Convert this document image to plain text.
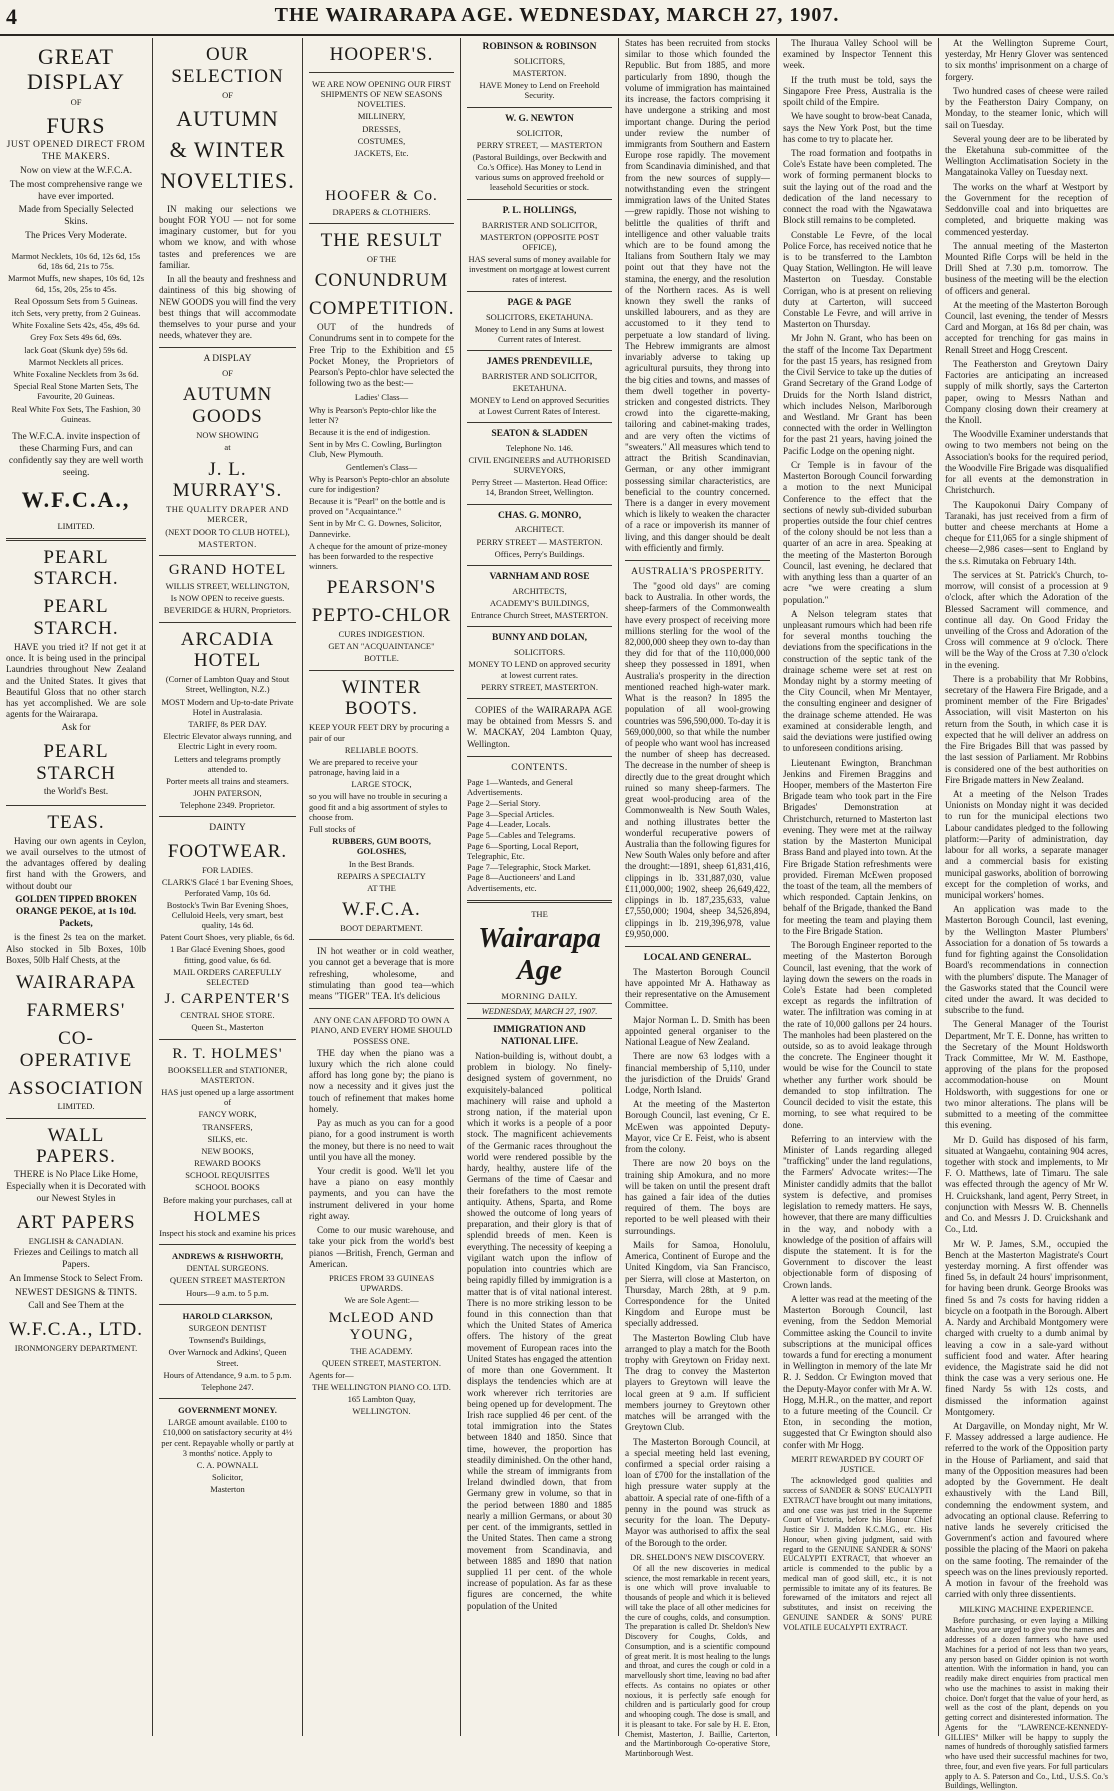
4	THE WAIRARAPA AGE. WEDNESDAY, MARCH 27, 1907.
GREAT DISPLAY
OF
FURS
JUST OPENED DIRECT FROM THE MAKERS.
Now on view at the W.F.C.A.
The most comprehensive range we have ever imported.
Made from Specially Selected Skins.
The Prices Very Moderate.
Marmot Necklets, 10s 6d, 12s 6d, 15s 6d, 18s 6d, 21s to 75s.
Marmot Muffs, new shapes, 10s 6d, 12s 6d, 15s, 20s, 25s to 45s.
Real Opossum Sets from 5 Guineas.
itch Sets, very pretty, from 2 Guineas.
White Foxaline Sets 42s, 45s, 49s 6d.
Grey Fox Sets 49s 6d, 69s.
lack Goat (Skunk dye) 59s 6d.
Marmot Necklets all prices.
White Foxaline Necklets from 3s 6d.
Special Real Stone Marten Sets, The Favourite, 20 Guineas.
Real White Fox Sets, The Fashion, 30 Guineas.
The W.F.C.A. invite inspection of these Charming Furs, and can confidently say they are well worth seeing.
W.F.C.A.,
LIMITED.
PEARL STARCH.
PEARL STARCH.
HAVE you tried it? If not get it at once. It is being used in the principal Laundries throughout New Zealand and the United States. It gives that Beautiful Gloss that no other starch has yet accomplished. We are sole agents for the Wairarapa.
Ask for
PEARL STARCH
the World's Best.
TEAS.
Having our own agents in Ceylon, we avail ourselves to the utmost of the advantages offered by dealing first hand with the Growers, and without doubt our
GOLDEN TIPPED BROKEN ORANGE PEKOE, at 1s 10d. Packets,
is the finest 2s tea on the market. Also stocked in 5lb Boxes, 10lb Boxes, 50lb Half Chests, at the
WAIRARAPA
FARMERS'
CO-OPERATIVE
ASSOCIATION
LIMITED.
WALL PAPERS.
THERE is No Place Like Home, Especially when it is Decorated with our Newest Styles in
ART PAPERS
ENGLISH & CANADIAN.
Friezes and Ceilings to match all Papers.
An Immense Stock to Select From.
NEWEST DESIGNS & TINTS.
Call and See Them at the
W.F.C.A., LTD.
IRONMONGERY DEPARTMENT.
OUR SELECTION
OF
AUTUMN
& WINTER
NOVELTIES.
IN making our selections we bought FOR YOU — not for some imaginary customer, but for you whom we know, and with whose tastes and preferences we are familiar.
In all the beauty and freshness and daintiness of this big showing of NEW GOODS you will find the very best things that will accommodate themselves to your purse and your needs, whatever they are.
A DISPLAY
OF
AUTUMN GOODS
NOW SHOWING
at
J. L. MURRAY'S.
THE QUALITY DRAPER AND MERCER,
(NEXT DOOR TO CLUB HOTEL),
MASTERTON.
GRAND HOTEL
WILLIS STREET, WELLINGTON,
Is NOW OPEN to receive guests.
BEVERIDGE & HURN, Proprietors.
ARCADIA HOTEL
(Corner of Lambton Quay and Stout Street, Wellington, N.Z.)
MOST Modern and Up-to-date Private Hotel in Australasia.
TARIFF, 8s PER DAY.
Electric Elevator always running, and Electric Light in every room.
Letters and telegrams promptly attended to.
Porter meets all trains and steamers.
JOHN PATERSON,
Telephone 2349. Proprietor.
DAINTY
FOOTWEAR.
FOR LADIES.
CLARK'S Glacé 1 bar Evening Shoes, Perforated Vamp, 10s 6d.
Bostock's Twin Bar Evening Shoes, Celluloid Heels, very smart, best quality, 14s 6d.
Patent Court Shoes, very pliable, 6s 6d.
1 Bar Glacé Evening Shoes, good fitting, good value, 6s 6d.
MAIL ORDERS CAREFULLY SELECTED
J. CARPENTER'S
CENTRAL SHOE STORE.
Queen St., Masterton
R. T. HOLMES'
BOOKSELLER and STATIONER, MASTERTON.
HAS just opened up a large assortment of
FANCY WORK,
TRANSFERS,
SILKS, etc.
NEW BOOKS,
REWARD BOOKS
SCHOOL REQUISITES
SCHOOL BOOKS
Before making your purchases, call at
HOLMES
Inspect his stock and examine his prices
ANDREWS & RISHWORTH,
DENTAL SURGEONS.
QUEEN STREET MASTERTON
Hours—9 a.m. to 5 p.m.
HAROLD CLARKSON,
SURGEON DENTIST
Townsend's Buildings,
Over Warnock and Adkins', Queen Street.
Hours of Attendance, 9 a.m. to 5 p.m.
Telephone 247.
GOVERNMENT MONEY.
LARGE amount available. £100 to £10,000 on satisfactory security at 4½ per cent. Repayable wholly or partly at 3 months' notice. Apply to
C. A. POWNALL
Solicitor,
Masterton
HOOPER'S.
WE ARE NOW OPENING OUR FIRST SHIPMENTS OF NEW SEASONS NOVELTIES.
MILLINERY,
DRESSES,
COSTUMES,
JACKETS, Etc.
HOOFER & Co.
DRAPERS & CLOTHIERS.
THE RESULT
OF THE
CONUNDRUM
COMPETITION.
OUT of the hundreds of Conundrums sent in to compete for the Free Trip to the Exhibition and £5 Pocket Money, the Proprietors of Pearson's Pepto-chlor have selected the following two as the best:—
Ladies' Class—
Why is Pearson's Pepto-chlor like the letter N?
Because it is the end of indigestion.
Sent in by Mrs C. Cowling, Burlington Club, New Plymouth.
Gentlemen's Class—
Why is Pearson's Pepto-chlor an absolute cure for indigestion?
Because it is "Pearl" on the bottle and is proved on "Acquaintance."
Sent in by Mr C. G. Downes, Solicitor, Dannevirke.
A cheque for the amount of prize-money has been forwarded to the respective winners.
PEARSON'S
PEPTO-CHLOR
CURES INDIGESTION.
GET AN "ACQUAINTANCE"
BOTTLE.
WINTER BOOTS.
KEEP YOUR FEET DRY by procuring a pair of our
RELIABLE BOOTS.
We are prepared to receive your patronage, having laid in a
LARGE STOCK,
so you will have no trouble in securing a good fit and a big assortment of styles to choose from.
Full stocks of
RUBBERS, GUM BOOTS, GOLOSHES,
In the Best Brands.
REPAIRS A SPECIALTY
AT THE
W.F.C.A.
BOOT DEPARTMENT.
IN hot weather or in cold weather, you cannot get a beverage that is more refreshing, wholesome, and stimulating than good tea—which means "TIGER" TEA. It's delicious
ANY ONE CAN AFFORD TO OWN A PIANO, AND EVERY HOME SHOULD POSSESS ONE.
THE day when the piano was a luxury which the rich alone could afford has long gone by; the piano is now a necessity and it gives just the touch of refinement that makes home homely.
Pay as much as you can for a good piano, for a good instrument is worth the money, but there is no need to wait until you have all the money.
Your credit is good. We'll let you have a piano on easy monthly payments, and you can have the instrument delivered in your home right away.
Come to our music warehouse, and take your pick from the world's best pianos —British, French, German and American.
PRICES FROM 33 GUINEAS UPWARDS.
We are Sole Agent:—
McLEOD AND YOUNG,
THE ACADEMY.
QUEEN STREET, MASTERTON.
Agents for—
THE WELLINGTON PIANO CO. LTD.
165 Lambton Quay,
WELLINGTON.
ROBINSON & ROBINSON
SOLICITORS,
MASTERTON.
HAVE Money to Lend on Freehold Security.
W. G. NEWTON
SOLICITOR,
PERRY STREET, — MASTERTON
(Pastoral Buildings, over Beckwith and Co.'s Office). Has Money to Lend in various sums on approved freehold or leasehold Securities or stock.
P. L. HOLLINGS,
BARRISTER AND SOLICITOR,
MASTERTON (OPPOSITE POST OFFICE),
HAS several sums of money available for investment on mortgage at lowest current rates of interest.
PAGE & PAGE
SOLICITORS, EKETAHUNA.
Money to Lend in any Sums at lowest Current rates of Interest.
JAMES PRENDEVILLE,
BARRISTER AND SOLICITOR,
EKETAHUNA.
MONEY to Lend on approved Securities at Lowest Current Rates of Interest.
SEATON & SLADDEN
Telephone No. 146.
CIVIL ENGINEERS and AUTHORISED SURVEYORS,
Perry Street — Masterton. Head Office: 14, Brandon Street, Wellington.
CHAS. G. MONRO,
ARCHITECT.
PERRY STREET — MASTERTON.
Offices, Perry's Buildings.
VARNHAM AND ROSE
ARCHITECTS,
ACADEMY'S BUILDINGS,
Entrance Church Street, MASTERTON.
BUNNY AND DOLAN,
SOLICITORS.
MONEY TO LEND on approved security at lowest current rates.
PERRY STREET, MASTERTON.
COPIES of the WAIRARAPA AGE may be obtained from Messrs S. and W. MACKAY, 204 Lambton Quay, Wellington.
CONTENTS.
Page 1—Wanteds, and General Advertisements.
Page 2—Serial Story.
Page 3—Special Articles.
Page 4—Leader, Locals.
Page 5—Cables and Telegrams.
Page 6—Sporting, Local Report, Telegraphic, Etc.
Page 7—Telegraphic, Stock Market.
Page 8—Auctioneers' and Land Advertisements, etc.
THE
Wairarapa Age
MORNING DAILY.
WEDNESDAY, MARCH 27, 1907.
IMMIGRATION AND NATIONAL LIFE.
Nation-building is, without doubt, a problem in biology. No finely-designed system of government, no exquisitely-balanced political machinery will raise and uphold a strong nation, if the material upon which it works is a people of a poor stock. The magnificent achievements of the Germanic races throughout the world were rendered possible by the hardy, healthy, austere life of the Germans of the time of Caesar and their forefathers to the most remote antiquity. Athens, Sparta, and Rome showed the outcome of long years of preparation, and their glory is that of splendid breeds of men. Keen is everything. The necessity of keeping a vigilant watch upon the inflow of population into countries which are being rapidly filled by immigration is a matter that is of vital national interest. There is no more striking lesson to be found in this connection than that which the United States of America offers. The history of the great movement of European races into the United States has engaged the attention of more than one Government. It displays the tendencies which are at work wherever rich territories are being opened up for development. The Irish race supplied 46 per cent. of the total immigration into the States between 1840 and 1850. Since that time, however, the proportion has steadily diminished. On the other hand, while the stream of immigrants from Ireland dwindled down, that from Germany grew in volume, so that in the period between 1880 and 1885 nearly a million Germans, or about 30 per cent. of the immigrants, settled in the United States. Then came a strong movement from Scandinavia, and between 1885 and 1890 that nation supplied 11 per cent. of the whole increase of population. As far as these figures are concerned, the white population of the United
States has been recruited from stocks similar to those which founded the Republic. But from 1885, and more particularly from 1890, though the volume of immigration has maintained its increase, the factors comprising it have undergone a striking and most important change. During the period under review the number of immigrants from Southern and Eastern Europe rose rapidly. The movement from Scandinavia diminished, and that from the new sources of supply—notwithstanding even the stringent immigration laws of the United States—grew rapidly. Those not wishing to belittle the qualities of thrift and intelligence and other valuable traits which are to be found among the Italians from Southern Italy we may point out that they have not the stamina, the energy, and the resolution of the Northern races. As is well known they swell the ranks of unskilled labourers, and as they are accustomed to it they tend to perpetuate a low standard of living. The Hebrew immigrants are almost invariably adverse to taking up agricultural pursuits, they throng into the big cities and towns, and masses of them dwell together in poverty-stricken and congested districts. They crowd into the cigarette-making, tailoring and cabinet-making trades, and are very often the victims of "sweaters." All measures which tend to attract the British Scandinavian, German, or any other immigrant possessing similar characteristics, are beneficial to the country concerned. There is a danger in every movement which is likely to weaken the character of a race or impoverish its manner of living, and this danger should be dealt with efficiently and firmly.
AUSTRALIA'S PROSPERITY.
The "good old days" are coming back to Australia. In other words, the sheep-farmers of the Commonwealth have every prospect of receiving more millions sterling for the wool of the 82,000,000 sheep they own to-day than they did for that of the 110,000,000 sheep they possessed in 1891, when Australia's prosperity in the direction mentioned reached high-water mark. What is the reason? In 1895 the population of all wool-growing countries was 596,590,000. To-day it is 569,000,000, so that while the number of people who want wool has increased the number of sheep has decreased. The decrease in the number of sheep is directly due to the great drought which ruined so many sheep-farmers. The great wool-producing area of the Commonwealth is New South Wales, and nothing illustrates better the wonderful recuperative powers of Australia than the following figures for New South Wales only before and after the drought:—1891, sheep 61,831,416, clippings in lb. 331,887,030, value £11,000,000; 1902, sheep 26,649,422, clippings in lb. 187,235,633, value £7,550,000; 1904, sheep 34,526,894, clippings in lb. 219,396,978, value £9,950,000.
LOCAL AND GENERAL.
The Masterton Borough Council have appointed Mr A. Hathaway as their representative on the Amusement Committee.
Major Norman L. D. Smith has been appointed general organiser to the National League of New Zealand.
There are now 63 lodges with a financial membership of 5,110, under the jurisdiction of the Druids' Grand Lodge, North Island.
At the meeting of the Masterton Borough Council, last evening, Cr E. McEwen was appointed Deputy-Mayor, vice Cr E. Feist, who is absent from the colony.
There are now 20 boys on the training ship Amokura, and no more will be taken on until the present draft has gained a fair idea of the duties required of them. The boys are reported to be well pleased with their surroundings.
Mails for Samoa, Honolulu, America, Continent of Europe and the United Kingdom, via San Francisco, per Sierra, will close at Masterton, on Thursday, March 28th, at 9 p.m. Correspondence for the United Kingdom and Europe must be specially addressed.
The Masterton Bowling Club have arranged to play a match for the Booth trophy with Greytown on Friday next. The drag to convey the Masterton players to Greytown will leave the local green at 9 a.m. If sufficient members journey to Greytown other matches will be arranged with the Greytown Club.
The Masterton Borough Council, at a special meeting held last evening, confirmed a special order raising a loan of £700 for the installation of the high pressure water supply at the abattoir. A special rate of one-fifth of a penny in the pound was struck as security for the loan. The Deputy-Mayor was authorised to affix the seal of the Borough to the order.
DR. SHELDON'S NEW DISCOVERY.
Of all the new discoveries in medical science, the most remarkable in recent years, is one which will prove invaluable to thousands of people and which it is believed will take the place of all other medicines for the cure of coughs, colds, and consumption. The preparation is called Dr. Sheldon's New Discovery for Coughs, Colds, and Consumption, and is a scientific compound of great merit. It is most healing to the lungs and throat, and cures the cough or cold in a marvellously short time, leaving no bad after effects. As contains no opiates or other noxious, it is perfectly safe enough for children and is particularly good for croup and whooping cough. The dose is small, and it is pleasant to take. For sale by H. E. Eton, Chemist, Masterton, J. Baillie, Carterton, and the Martinborough Co-operative Store, Martinborough West.
The Ihuraua Valley School will be examined by Inspector Tennent this week.
If the truth must be told, says the Singapore Free Press, Australia is the spoilt child of the Empire.
We have sought to brow-beat Canada, says the New York Post, but the time has come to try to placate her.
The road formation and footpaths in Cole's Estate have been completed. The work of forming permanent blocks to suit the laying out of the road and the dedication of the land necessary to connect the road with the Ngawatawa Block still remains to be completed.
Constable Le Fevre, of the local Police Force, has received notice that he is to be transferred to the Lambton Quay Station, Wellington. He will leave Masterton on Tuesday. Constable Corrigan, who is at present on relieving duty at Carterton, will succeed Constable Le Fevre, and will arrive in Masterton on Thursday.
Mr John N. Grant, who has been on the staff of the Income Tax Department for the past 15 years, has resigned from the Civil Service to take up the duties of Grand Secretary of the Grand Lodge of Druids for the North Island district, which includes Nelson, Marlborough and Westland. Mr Grant has been connected with the order in Wellington for the past 21 years, having joined the Pacific Lodge on the opening night.
Cr Temple is in favour of the Masterton Borough Council forwarding a motion to the next Municipal Conference to the effect that the sections of newly sub-divided suburban properties outside the four chief centres of the colony should be not less than a quarter of an acre in area. Speaking at the meeting of the Masterton Borough Council, last evening, he declared that with anything less than a quarter of an acre "we were creating a slum population."
A Nelson telegram states that unpleasant rumours which had been rife for several months touching the deviations from the specifications in the construction of the septic tank of the drainage scheme were set at rest on Monday night by a stormy meeting of the City Council, when Mr Mentayer, the consulting engineer and designer of the drainage scheme attended. He was examined at considerable length, and said the deviations were justified owing to unforeseen conditions arising.
Lieutenant Ewington, Branchman Jenkins and Firemen Braggins and Hooper, members of the Masterton Fire Brigade team who took part in the Fire Brigades' Demonstration at Christchurch, returned to Masterton last evening. They were met at the railway station by the Masterton Municipal Brass Band and played into town. At the Fire Brigade Station refreshments were provided. Fireman McEwen proposed the toast of the team, all the members of which responded. Captain Jenkins, on behalf of the Brigade, thanked the Band for meeting the team and playing them to the Fire Brigade Station.
The Borough Engineer reported to the meeting of the Masterton Borough Council, last evening, that the work of laying down the sewers on the roads in Cole's Estate had been completed except as regards the infiltration of water. The infiltration was coming in at the rate of 10,000 gallons per 24 hours. The manholes had been plastered on the outside, so as to avoid leakage through the concrete. The Engineer thought it would be wise for the Council to state whether any further work should be demanded to stop infiltration. The Council decided to visit the estate, this morning, to see what required to be done.
Referring to an interview with the Minister of Lands regarding alleged "trafficking" under the land regulations, the Farmers' Advocate writes:—The Minister candidly admits that the ballot system is defective, and promises legislation to remedy matters. He says, however, that there are many difficulties in the way, and nobody with a knowledge of the position of affairs will dispute the statement. It is for the Government to discover the least objectionable form of disposing of Crown lands.
A letter was read at the meeting of the Masterton Borough Council, last evening, from the Seddon Memorial Committee asking the Council to invite subscriptions at the municipal offices towards a fund for erecting a monument in Wellington in memory of the late Mr R. J. Seddon. Cr Ewington moved that the Deputy-Mayor confer with Mr A. W. Hogg, M.H.R., on the matter, and report to a future meeting of the Council. Cr Eton, in seconding the motion, suggested that Cr Ewington should also confer with Mr Hogg.
MERIT REWARDED BY COURT OF JUSTICE.
The acknowledged good qualities and success of SANDER & SONS' EUCALYPTI EXTRACT have brought out many imitations, and one case was just tried in the Supreme Court of Victoria, before his Honour Chief Justice Sir J. Madden K.C.M.G., etc. His Honour, when giving judgment, said with regard to the GENUINE SANDER & SONS' EUCALYPTI EXTRACT, that whoever an article is commended to the public by a medical man of good skill, etc., it is not permissible to imitate any of its features. Be forewarned of the imitators and reject all substitutes, and insist on receiving the GENUINE SANDER & SONS' PURE VOLATILE EUCALYPTI EXTRACT.
At the Wellington Supreme Court, yesterday, Mr Henry Glover was sentenced to six months' imprisonment on a charge of forgery.
Two hundred cases of cheese were railed by the Featherston Dairy Company, on Monday, to the steamer Ionic, which will sail on Tuesday.
Several young deer are to be liberated by the Eketahuna sub-committee of the Wellington Acclimatisation Society in the Mangatainoka Valley on Tuesday next.
The works on the wharf at Westport by the Government for the reception of Seddonville coal and into briquettes are completed, and briquette making was commenced yesterday.
The annual meeting of the Masterton Mounted Rifle Corps will be held in the Drill Shed at 7.30 p.m. tomorrow. The business of the meeting will be the election of officers and general.
At the meeting of the Masterton Borough Council, last evening, the tender of Messrs Card and Morgan, at 16s 8d per chain, was accepted for trenching for gas mains in Renall Street and Hogg Crescent.
The Featherston and Greytown Dairy Factories are anticipating an increased supply of milk shortly, says the Carterton paper, owing to Messrs Nathan and Company closing down their creamery at the Knoll.
The Woodville Examiner understands that owing to two members not being on the Association's books for the required period, the Woodville Fire Brigade was disqualified for all events at the demonstration in Christchurch.
The Kaupokonui Dairy Company of Taranaki, has just received from a firm of butter and cheese merchants at Home a cheque for £11,065 for a single shipment of cheese—2,986 cases—sent to England by the s.s. Rimutaka on February 14th.
The services at St. Patrick's Church, to-morrow, will consist of a procession at 9 o'clock, after which the Adoration of the Blessed Sacrament will commence, and continue all day. On Good Friday the unveiling of the Cross and Adoration of the Cross will commence at 9 o'clock. There will be the Way of the Cross at 7.30 o'clock in the evening.
There is a probability that Mr Robbins, secretary of the Hawera Fire Brigade, and a prominent member of the Fire Brigades' Association, will visit Masterton on his return from the South, in which case it is expected that he will deliver an address on the Fire Brigades Bill that was passed by the last session of Parliament. Mr Robbins is considered one of the best authorities on Fire Brigade matters in New Zealand.
At a meeting of the Nelson Trades Unionists on Monday night it was decided to run for the municipal elections two Labour candidates pledged to the following platform:—Parity of administration, day labour for all works, a separate manager and a commercial basis for existing municipal gasworks, abolition of borrowing except for the completion of works, and municipal workers' homes.
An application was made to the Masterton Borough Council, last evening, by the Wellington Master Plumbers' Association for a donation of 5s towards a fund for fighting against the Consolidation Board's recommendations in connection with the plumbers' dispute. The Manager of the Gasworks stated that the Council were cited under the award. It was decided to subscribe to the fund.
The General Manager of the Tourist Department, Mr T. E. Donne, has written to the Secretary of the Mount Holdsworth Track Committee, Mr W. M. Easthope, approving of the plans for the proposed accommodation-house on Mount Holdsworth, with suggestions for one or two minor alterations. The plans will be submitted to a meeting of the committee this evening.
Mr D. Guild has disposed of his farm, situated at Wangaehu, containing 904 acres, together with stock and implements, to Mr F. O. Matthews, late of Timaru. The sale was effected through the agency of Mr W. H. Cruickshank, land agent, Perry Street, in conjunction with Messrs W. B. Chennells and Co. and Messrs J. D. Cruickshank and Co., Ltd.
Mr W. P. James, S.M., occupied the Bench at the Masterton Magistrate's Court yesterday morning. A first offender was fined 5s, in default 24 hours' imprisonment, for having been drunk. George Brooks was fined 5s and 7s costs for having ridden a bicycle on a footpath in the Borough. Albert A. Nardy and Archibald Montgomery were charged with cruelty to a dumb animal by leaving a cow in a sale-yard without sufficient food and water. After hearing evidence, the Magistrate said he did not think the case was a very serious one. He fined Nardy 5s with 12s costs, and dismissed the information against Montgomery.
At Dargaville, on Monday night, Mr W. F. Massey addressed a large audience. He referred to the work of the Opposition party in the House of Parliament, and said that many of the Opposition measures had been adopted by the Government. He dealt exhaustively with the Land Bill, condemning the endowment system, and advocating an optional clause. Referring to native lands he severely criticised the Government's action and favoured where possible the placing of the Maori on pakeha on the same footing. The remainder of the speech was on the lines previously reported. A motion in favour of the freehold was carried with only three dissentients.
MILKING MACHINE EXPERIENCE.
Before purchasing, or even laying a Milking Machine, you are urged to give you the names and addresses of a dozen farmers who have used Machines for a period of not less than two years, any person based on Gidder opinion is not worth attention. With the information in hand, you can readily make direct enquiries from practical men who use the machines to assist in making their choice. Don't forget that the value of your herd, as well as the cost of the plant, depends on you getting correct and disinterested information. The Agents for the "LAWRENCE-KENNEDY-GILLIES" Milker will be happy to supply the names of hundreds of thoroughly satisfied farmers who have used their successful machines for two, three, four, and even five years. For full particulars apply to A. S. Paterson and Co., Ltd., U.S.S. Co.'s Buildings, Wellington.
